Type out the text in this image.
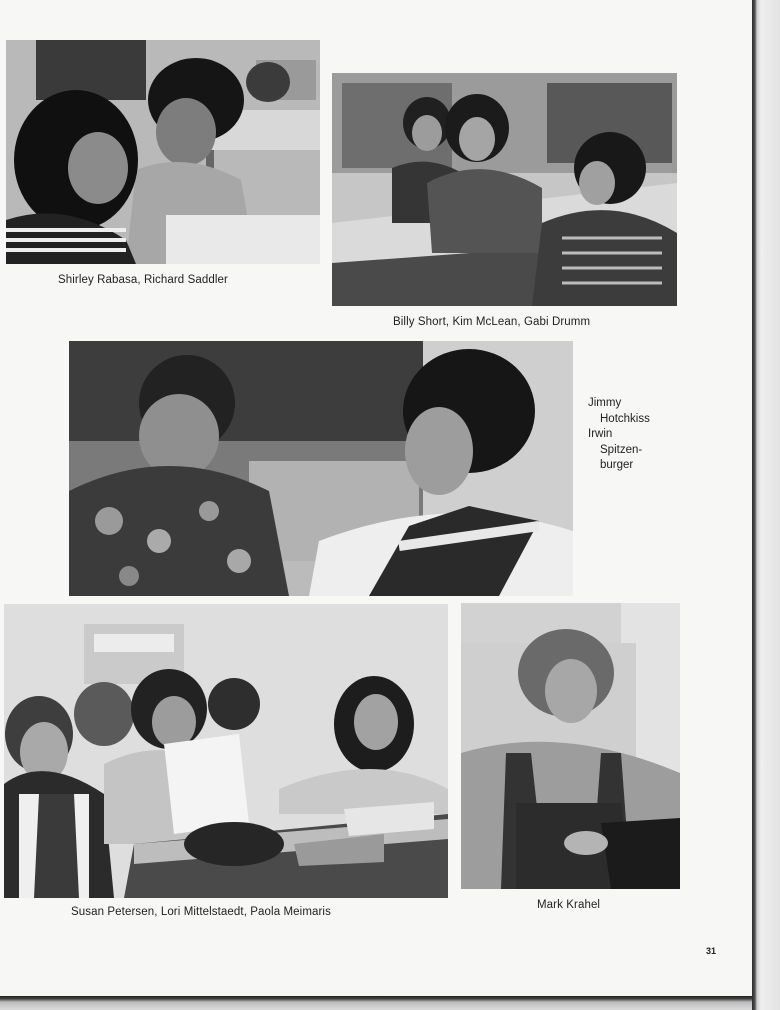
Shirley Rabasa, Richard Saddler
Billy Short, Kim McLean, Gabi Drumm
Jimmy
Hotchkiss
Irwin
Spitzen-
burger
Susan Petersen, Lori Mittelstaedt, Paola Meimaris
Mark Krahel
31
